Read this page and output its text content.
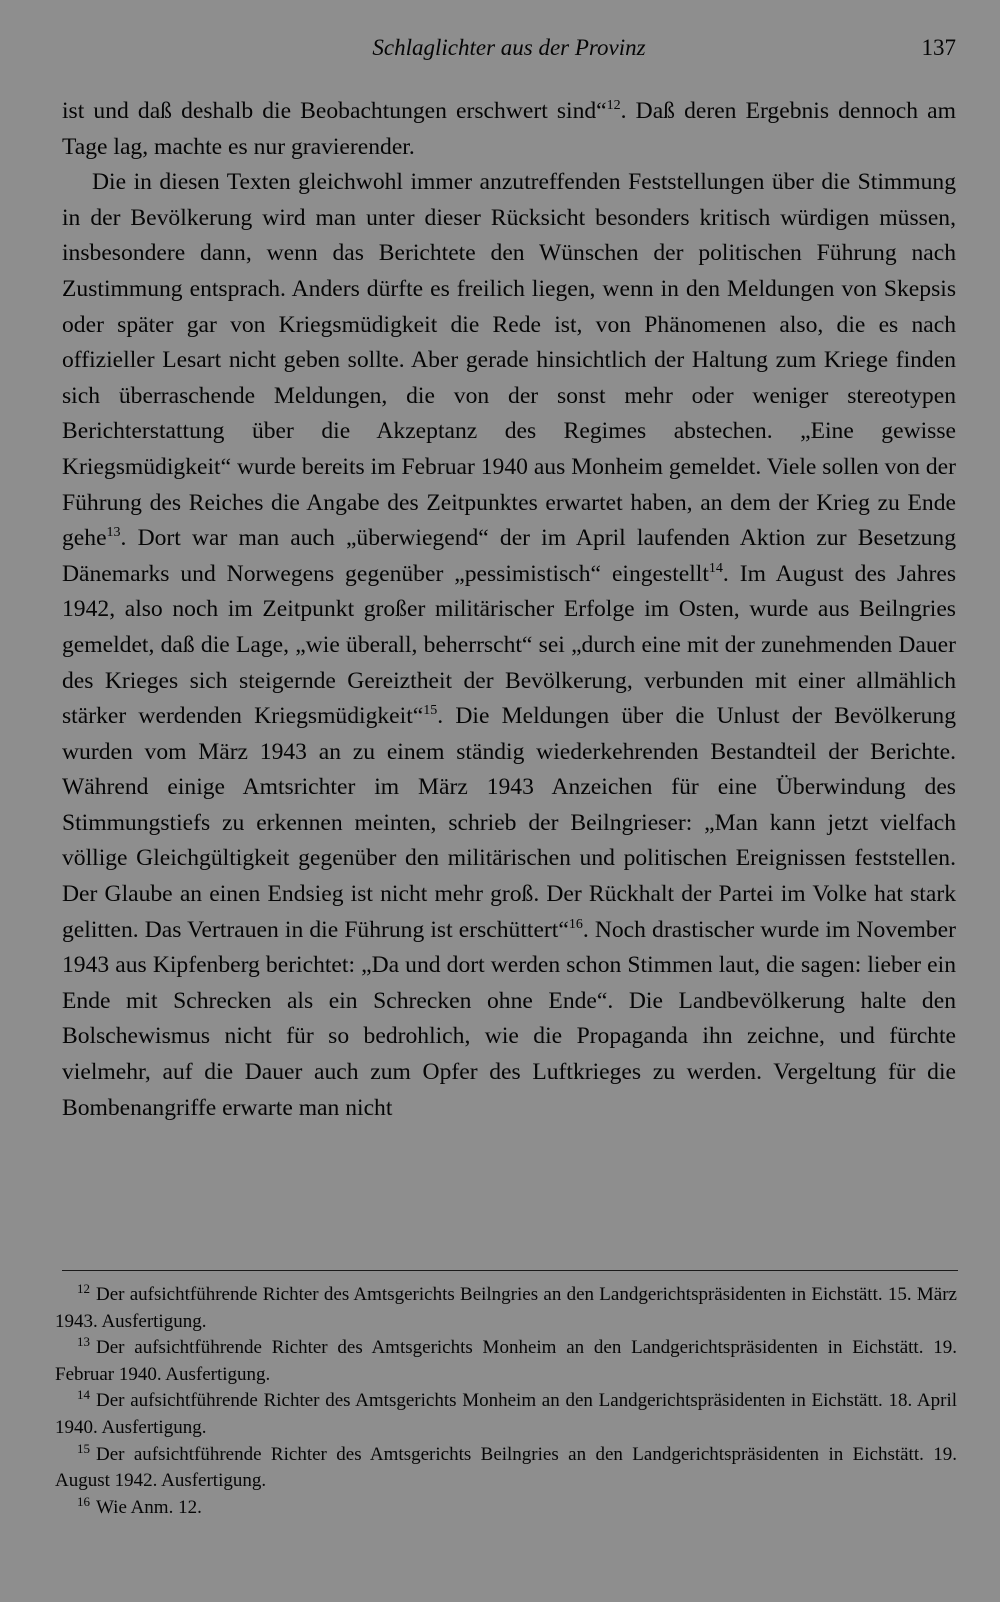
Schlaglichter aus der Provinz	137

ist und daß deshalb die Beobachtungen erschwert sind“$^{12}$. Daß deren Ergebnis dennoch am Tage lag, machte es nur gravierender.

Die in diesen Texten gleichwohl immer anzutreffenden Feststellungen über die Stimmung in der Bevölkerung wird man unter dieser Rücksicht besonders kritisch würdigen müssen, insbesondere dann, wenn das Berichtete den Wünschen der politischen Führung nach Zustimmung entsprach. Anders dürfte es freilich liegen, wenn in den Meldungen von Skepsis oder später gar von Kriegsmüdigkeit die Rede ist, von Phänomenen also, die es nach offizieller Lesart nicht geben sollte. Aber gerade hinsichtlich der Haltung zum Kriege finden sich überraschende Meldungen, die von der sonst mehr oder weniger stereotypen Berichterstattung über die Akzeptanz des Regimes abstechen. „Eine gewisse Kriegsmüdigkeit“ wurde bereits im Februar 1940 aus Monheim gemeldet. Viele sollen von der Führung des Reiches die Angabe des Zeitpunktes erwartet haben, an dem der Krieg zu Ende gehe$^{13}$. Dort war man auch „überwiegend“ der im April laufenden Aktion zur Besetzung Dänemarks und Norwegens gegenüber „pessimistisch“ eingestellt$^{14}$. Im August des Jahres 1942, also noch im Zeitpunkt großer militärischer Erfolge im Osten, wurde aus Beilngries gemeldet, daß die Lage, „wie überall, beherrscht“ sei „durch eine mit der zunehmenden Dauer des Krieges sich steigernde Gereiztheit der Bevölkerung, verbunden mit einer allmählich stärker werdenden Kriegsmüdigkeit“$^{15}$. Die Meldungen über die Unlust der Bevölkerung wurden vom März 1943 an zu einem ständig wiederkehrenden Bestandteil der Berichte. Während einige Amtsrichter im März 1943 Anzeichen für eine Überwindung des Stimmungstiefs zu erkennen meinten, schrieb der Beilngrieser: „Man kann jetzt vielfach völlige Gleichgültigkeit gegenüber den militärischen und politischen Ereignissen feststellen. Der Glaube an einen Endsieg ist nicht mehr groß. Der Rückhalt der Partei im Volke hat stark gelitten. Das Vertrauen in die Führung ist erschüttert“$^{16}$. Noch drastischer wurde im November 1943 aus Kipfenberg berichtet: „Da und dort werden schon Stimmen laut, die sagen: lieber ein Ende mit Schrecken als ein Schrecken ohne Ende“. Die Landbevölkerung halte den Bolschewismus nicht für so bedrohlich, wie die Propaganda ihn zeichne, und fürchte vielmehr, auf die Dauer auch zum Opfer des Luftkrieges zu werden. Vergeltung für die Bombenangriffe erwarte man nicht

$^{12}$ Der aufsichtführende Richter des Amtsgerichts Beilngries an den Landgerichtspräsidenten in Eichstätt. 15. März 1943. Ausfertigung.

$^{13}$ Der aufsichtführende Richter des Amtsgerichts Monheim an den Landgerichtspräsidenten in Eichstätt. 19. Februar 1940. Ausfertigung.

$^{14}$ Der aufsichtführende Richter des Amtsgerichts Monheim an den Landgerichtspräsidenten in Eichstätt. 18. April 1940. Ausfertigung.

$^{15}$ Der aufsichtführende Richter des Amtsgerichts Beilngries an den Landgerichtspräsidenten in Eichstätt. 19. August 1942. Ausfertigung.

$^{16}$ Wie Anm. 12.
